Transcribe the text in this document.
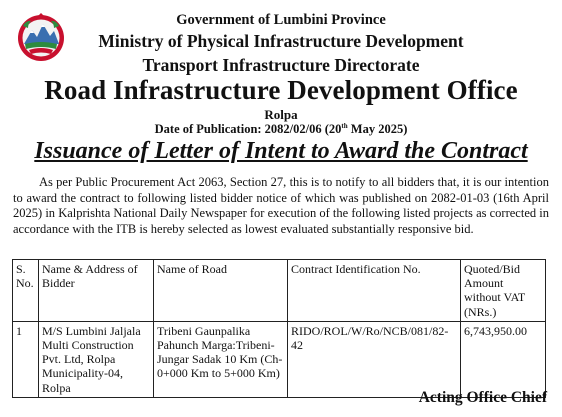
Government of Lumbini Province
Ministry of Physical Infrastructure Development
Transport Infrastructure Directorate
Road Infrastructure Development Office
Rolpa
Date of Publication: 2082/02/06 (20th May 2025)
Issuance of Letter of Intent to Award the Contract
As per Public Procurement Act 2063, Section 27, this is to notify to all bidders that, it is our intention to award the contract to following listed bidder notice of which was published on 2082-01-03 (16th April 2025) in Kalprishta National Daily Newspaper for execution of the following listed projects as corrected in accordance with the ITB is hereby selected as lowest evaluated substantially responsive bid.
S. No.	Name & Address of Bidder	Name of Road	Contract Identification No.	Quoted/Bid Amount without VAT (NRs.)
1	M/S Lumbini Jaljala Multi Construction Pvt. Ltd, Rolpa Municipality-04, Rolpa	Tribeni Gaunpalika Pahunch Marga:Tribeni-Jungar Sadak 10 Km (Ch-0+000 Km to 5+000 Km)	RIDO/ROL/W/Ro/NCB/081/82-42	6,743,950.00
Acting Office Chief
